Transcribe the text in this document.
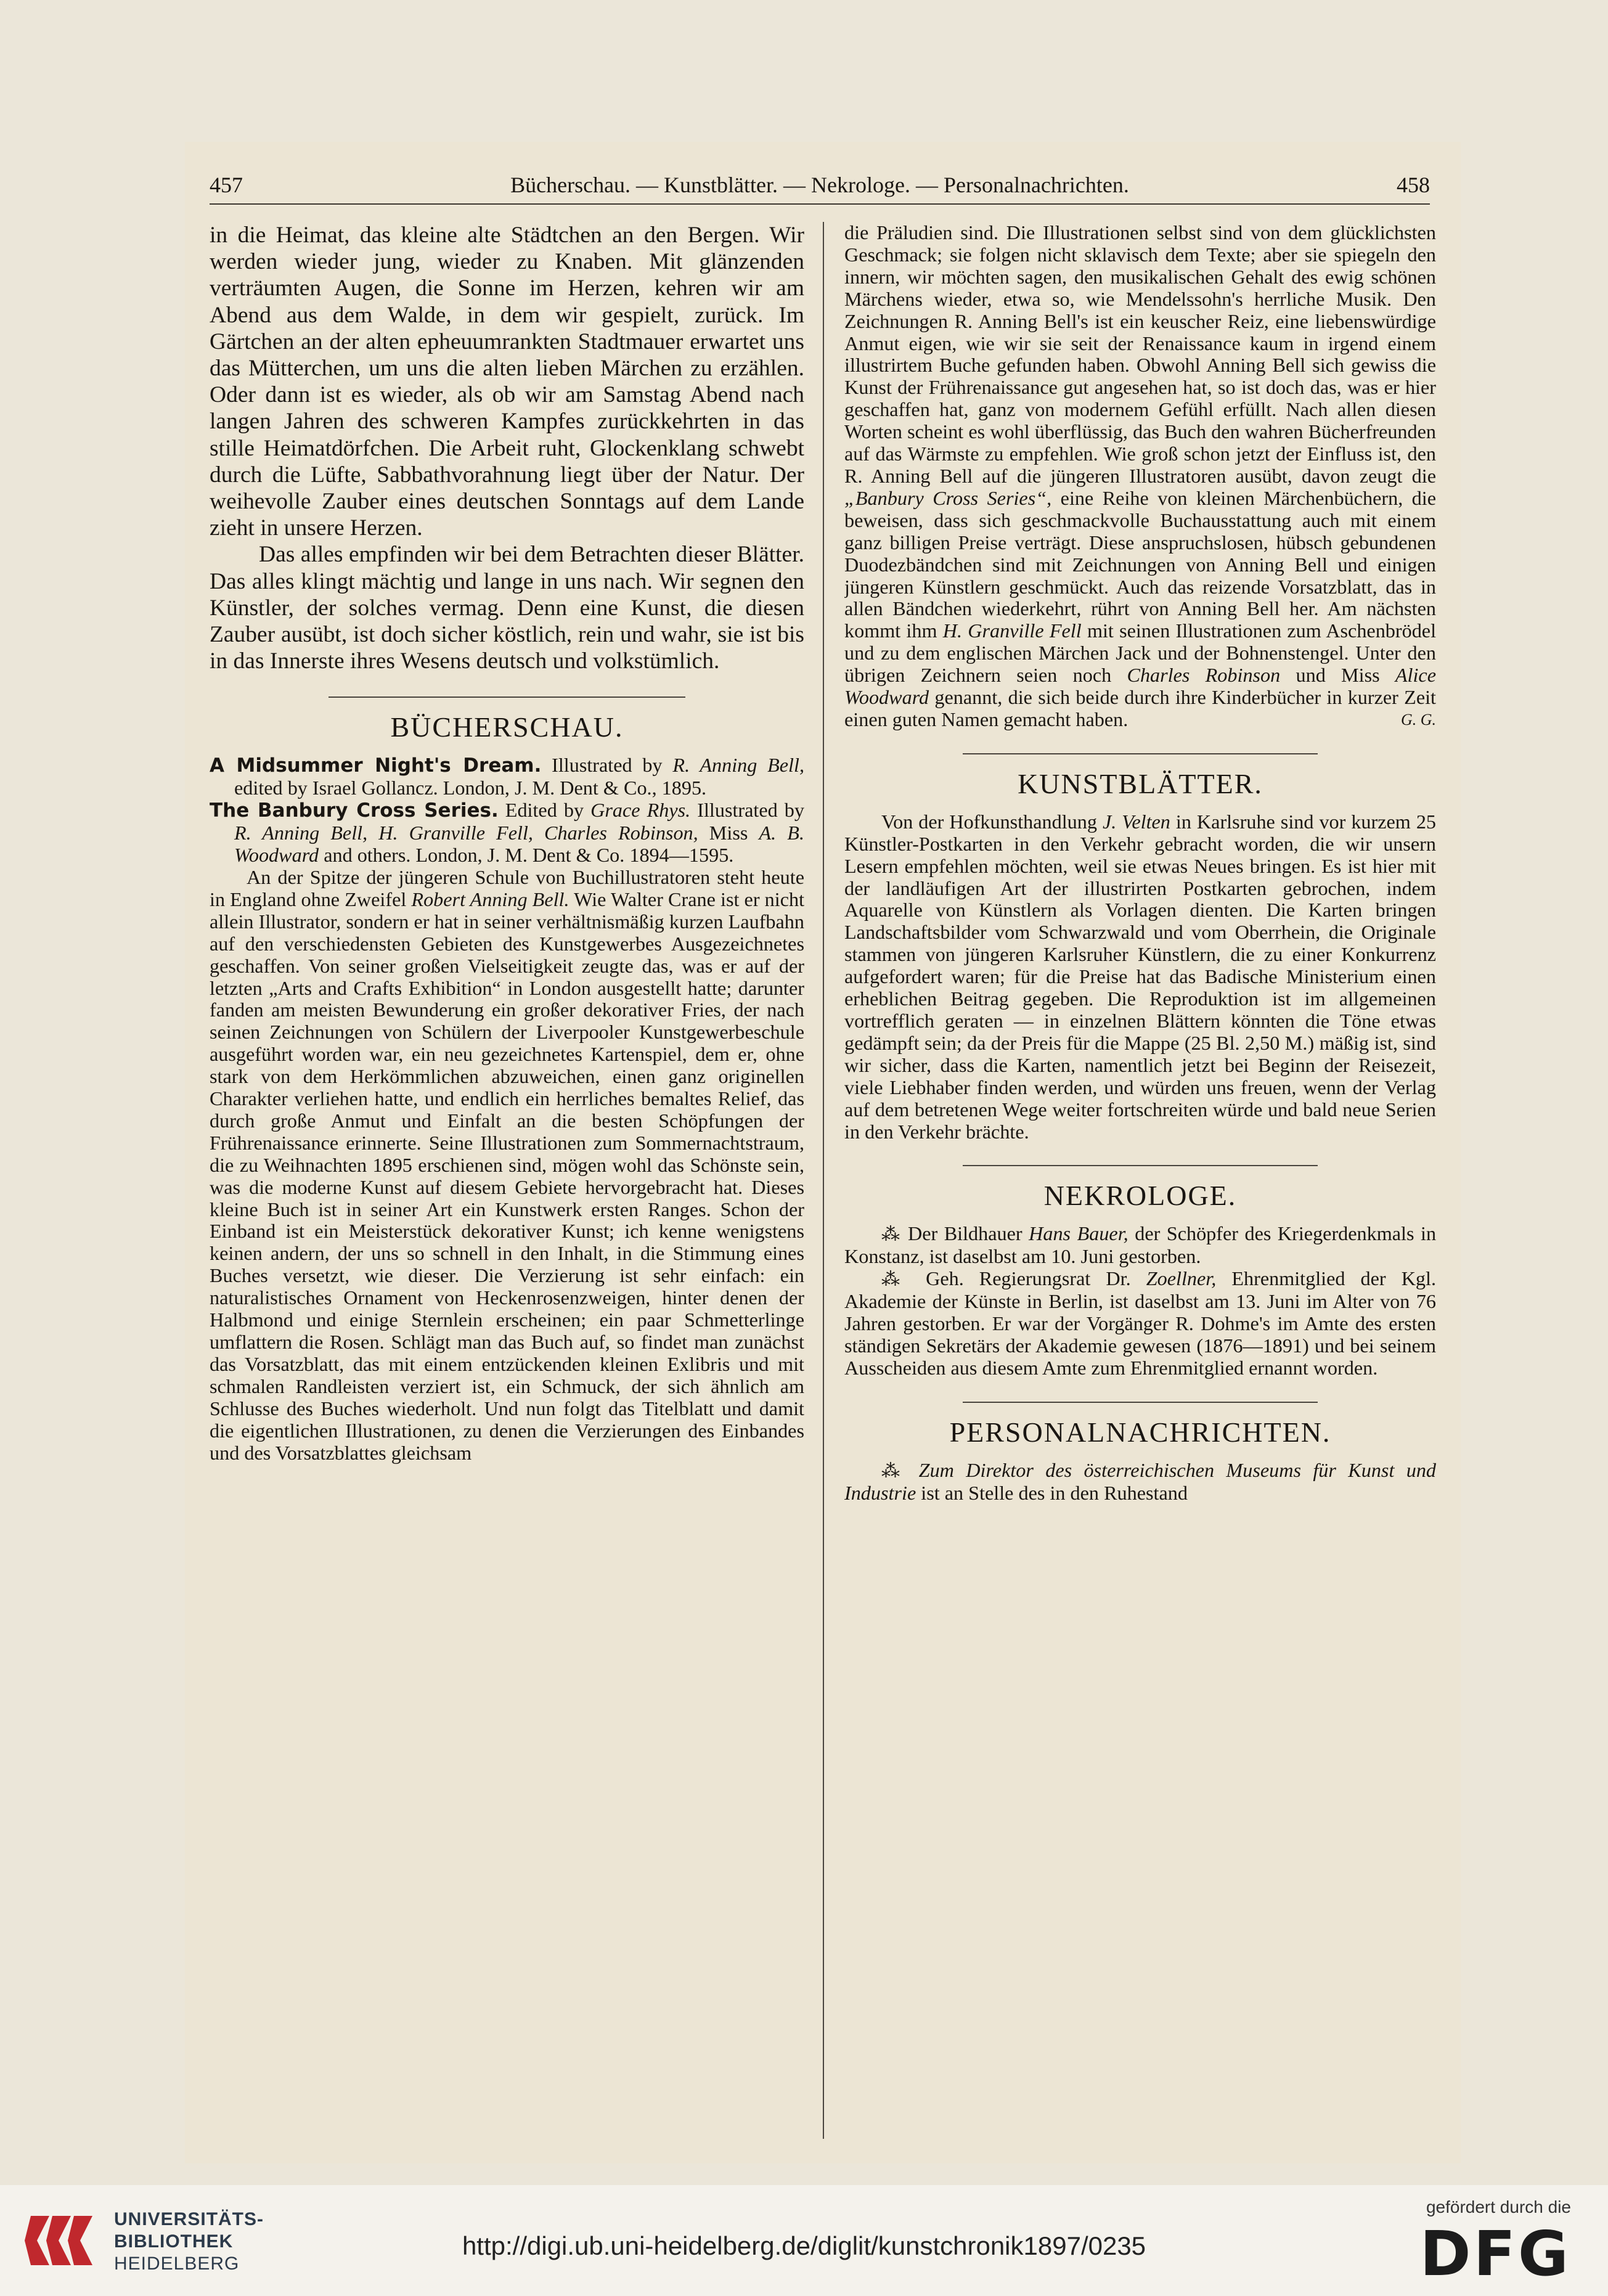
457	Bücherschau. — Kunstblätter. — Nekrologe. — Personalnachrichten.	458

in die Heimat, das kleine alte Städtchen an den Bergen. Wir werden wieder jung, wieder zu Knaben. Mit glänzenden verträumten Augen, die Sonne im Herzen, kehren wir am Abend aus dem Walde, in dem wir gespielt, zurück. Im Gärtchen an der alten epheuumrankten Stadtmauer erwartet uns das Mütterchen, um uns die alten lieben Märchen zu erzählen. Oder dann ist es wieder, als ob wir am Samstag Abend nach langen Jahren des schweren Kampfes zurückkehrten in das stille Heimatdörfchen. Die Arbeit ruht, Glockenklang schwebt durch die Lüfte, Sabbathvorahnung liegt über der Natur. Der weihevolle Zauber eines deutschen Sonntags auf dem Lande zieht in unsere Herzen.

Das alles empfinden wir bei dem Betrachten dieser Blätter. Das alles klingt mächtig und lange in uns nach. Wir segnen den Künstler, der solches vermag. Denn eine Kunst, die diesen Zauber ausübt, ist doch sicher köstlich, rein und wahr, sie ist bis in das Innerste ihres Wesens deutsch und volkstümlich.

BÜCHERSCHAU.

A Midsummer Night's Dream. Illustrated by R. Anning Bell, edited by Israel Gollancz. London, J. M. Dent & Co., 1895.

The Banbury Cross Series. Edited by Grace Rhys. Illustrated by R. Anning Bell, H. Granville Fell, Charles Robinson, Miss A. B. Woodward and others. London, J. M. Dent & Co. 1894—1595.

An der Spitze der jüngeren Schule von Buchillustratoren steht heute in England ohne Zweifel Robert Anning Bell. Wie Walter Crane ist er nicht allein Illustrator, sondern er hat in seiner verhältnismäßig kurzen Laufbahn auf den verschiedensten Gebieten des Kunstgewerbes Ausgezeichnetes geschaffen. Von seiner großen Vielseitigkeit zeugte das, was er auf der letzten „Arts and Crafts Exhibition“ in London ausgestellt hatte; darunter fanden am meisten Bewunderung ein großer dekorativer Fries, der nach seinen Zeichnungen von Schülern der Liverpooler Kunstgewerbeschule ausgeführt worden war, ein neu gezeichnetes Kartenspiel, dem er, ohne stark von dem Herkömmlichen abzuweichen, einen ganz originellen Charakter verliehen hatte, und endlich ein herrliches bemaltes Relief, das durch große Anmut und Einfalt an die besten Schöpfungen der Frührenaissance erinnerte. Seine Illustrationen zum Sommernachtstraum, die zu Weihnachten 1895 erschienen sind, mögen wohl das Schönste sein, was die moderne Kunst auf diesem Gebiete hervorgebracht hat. Dieses kleine Buch ist in seiner Art ein Kunstwerk ersten Ranges. Schon der Einband ist ein Meisterstück dekorativer Kunst; ich kenne wenigstens keinen andern, der uns so schnell in den Inhalt, in die Stimmung eines Buches versetzt, wie dieser. Die Verzierung ist sehr einfach: ein naturalistisches Ornament von Heckenrosenzweigen, hinter denen der Halbmond und einige Sternlein erscheinen; ein paar Schmetterlinge umflattern die Rosen. Schlägt man das Buch auf, so findet man zunächst das Vorsatzblatt, das mit einem entzückenden kleinen Exlibris und mit schmalen Randleisten verziert ist, ein Schmuck, der sich ähnlich am Schlusse des Buches wiederholt. Und nun folgt das Titelblatt und damit die eigentlichen Illustrationen, zu denen die Verzierungen des Einbandes und des Vorsatzblattes gleichsam

die Präludien sind. Die Illustrationen selbst sind von dem glücklichsten Geschmack; sie folgen nicht sklavisch dem Texte; aber sie spiegeln den innern, wir möchten sagen, den musikalischen Gehalt des ewig schönen Märchens wieder, etwa so, wie Mendelssohn's herrliche Musik. Den Zeichnungen R. Anning Bell's ist ein keuscher Reiz, eine liebenswürdige Anmut eigen, wie wir sie seit der Renaissance kaum in irgend einem illustrirtem Buche gefunden haben. Obwohl Anning Bell sich gewiss die Kunst der Frührenaissance gut angesehen hat, so ist doch das, was er hier geschaffen hat, ganz von modernem Gefühl erfüllt. Nach allen diesen Worten scheint es wohl überflüssig, das Buch den wahren Bücherfreunden auf das Wärmste zu empfehlen. Wie groß schon jetzt der Einfluss ist, den R. Anning Bell auf die jüngeren Illustratoren ausübt, davon zeugt die „Banbury Cross Series“, eine Reihe von kleinen Märchenbüchern, die beweisen, dass sich geschmackvolle Buchausstattung auch mit einem ganz billigen Preise verträgt. Diese anspruchslosen, hübsch gebundenen Duodezbändchen sind mit Zeichnungen von Anning Bell und einigen jüngeren Künstlern geschmückt. Auch das reizende Vorsatzblatt, das in allen Bändchen wiederkehrt, rührt von Anning Bell her. Am nächsten kommt ihm H. Granville Fell mit seinen Illustrationen zum Aschenbrödel und zu dem englischen Märchen Jack und der Bohnenstengel. Unter den übrigen Zeichnern seien noch Charles Robinson und Miss Alice Woodward genannt, die sich beide durch ihre Kinderbücher in kurzer Zeit einen guten Namen gemacht haben.	G. G.

KUNSTBLÄTTER.

Von der Hofkunsthandlung J. Velten in Karlsruhe sind vor kurzem 25 Künstler-Postkarten in den Verkehr gebracht worden, die wir unsern Lesern empfehlen möchten, weil sie etwas Neues bringen. Es ist hier mit der landläufigen Art der illustrirten Postkarten gebrochen, indem Aquarelle von Künstlern als Vorlagen dienten. Die Karten bringen Landschaftsbilder vom Schwarzwald und vom Oberrhein, die Originale stammen von jüngeren Karlsruher Künstlern, die zu einer Konkurrenz aufgefordert waren; für die Preise hat das Badische Ministerium einen erheblichen Beitrag gegeben. Die Reproduktion ist im allgemeinen vortrefflich geraten — in einzelnen Blättern könnten die Töne etwas gedämpft sein; da der Preis für die Mappe (25 Bl. 2,50 M.) mäßig ist, sind wir sicher, dass die Karten, namentlich jetzt bei Beginn der Reisezeit, viele Liebhaber finden werden, und würden uns freuen, wenn der Verlag auf dem betretenen Wege weiter fortschreiten würde und bald neue Serien in den Verkehr brächte.

NEKROLOGE.

⁂ Der Bildhauer Hans Bauer, der Schöpfer des Kriegerdenkmals in Konstanz, ist daselbst am 10. Juni gestorben.

⁂ Geh. Regierungsrat Dr. Zoellner, Ehrenmitglied der Kgl. Akademie der Künste in Berlin, ist daselbst am 13. Juni im Alter von 76 Jahren gestorben. Er war der Vorgänger R. Dohme's im Amte des ersten ständigen Sekretärs der Akademie gewesen (1876—1891) und bei seinem Ausscheiden aus diesem Amte zum Ehrenmitglied ernannt worden.

PERSONALNACHRICHTEN.

⁂ Zum Direktor des österreichischen Museums für Kunst und Industrie ist an Stelle des in den Ruhestand

UNIVERSITÄTS-
BIBLIOTHEK
HEIDELBERG
http://digi.ub.uni-heidelberg.de/diglit/kunstchronik1897/0235
gefördert durch die
DFG
